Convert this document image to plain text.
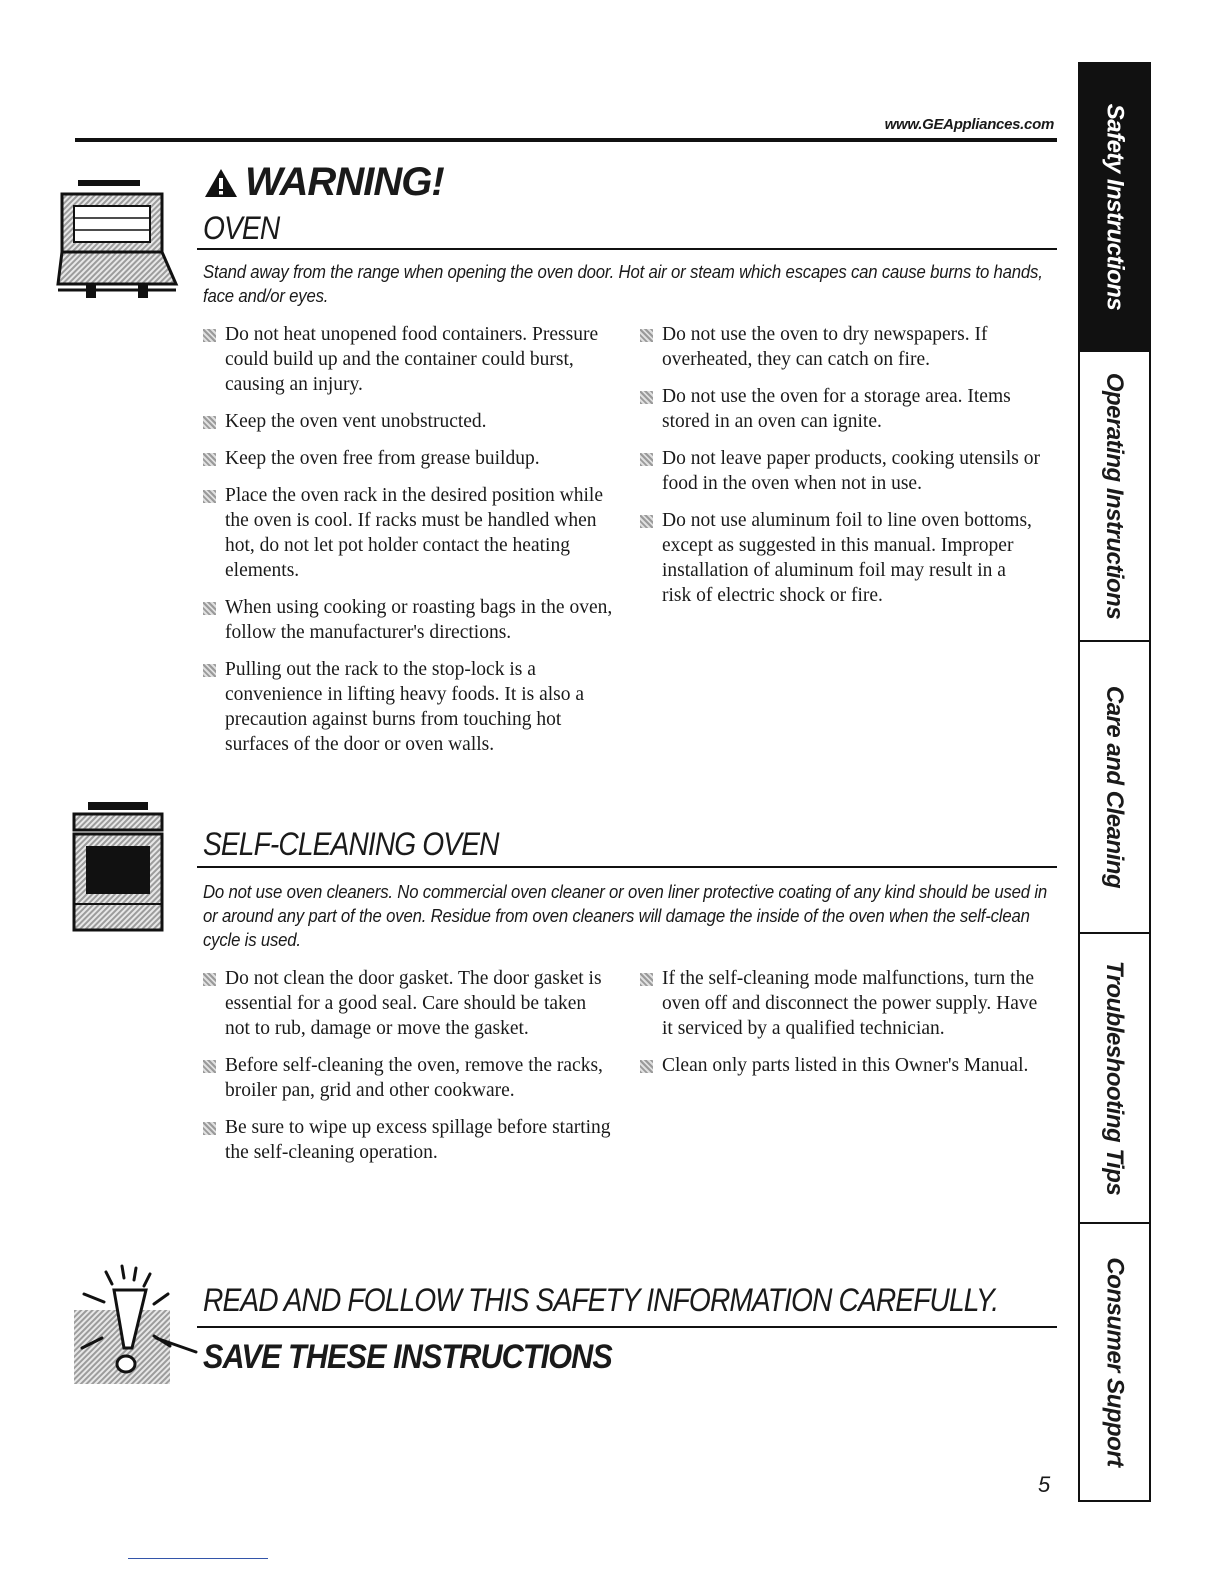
www.GEAppliances.com
WARNING!
OVEN
Stand away from the range when opening the oven door. Hot air or steam which escapes can cause burns to hands, face and/or eyes.
Do not heat unopened food containers. Pressure could build up and the container could burst, causing an injury.
Keep the oven vent unobstructed.
Keep the oven free from grease buildup.
Place the oven rack in the desired position while the oven is cool. If racks must be handled when hot, do not let pot holder contact the heating elements.
When using cooking or roasting bags in the oven, follow the manufacturer's directions.
Pulling out the rack to the stop-lock is a convenience in lifting heavy foods. It is also a precaution against burns from touching hot surfaces of the door or oven walls.
Do not use the oven to dry newspapers. If overheated, they can catch on fire.
Do not use the oven for a storage area. Items stored in an oven can ignite.
Do not leave paper products, cooking utensils or food in the oven when not in use.
Do not use aluminum foil to line oven bottoms, except as suggested in this manual. Improper installation of aluminum foil may result in a risk of electric shock or fire.
SELF-CLEANING OVEN
Do not use oven cleaners. No commercial oven cleaner or oven liner protective coating of any kind should be used in or around any part of the oven. Residue from oven cleaners will damage the inside of the oven when the self-clean cycle is used.
Do not clean the door gasket. The door gasket is essential for a good seal. Care should be taken not to rub, damage or move the gasket.
Before self-cleaning the oven, remove the racks, broiler pan, grid and other cookware.
Be sure to wipe up excess spillage before starting the self-cleaning operation.
If the self-cleaning mode malfunctions, turn the oven off and disconnect the power supply. Have it serviced by a qualified technician.
Clean only parts listed in this Owner's Manual.
READ AND FOLLOW THIS SAFETY INFORMATION CAREFULLY.
SAVE THESE INSTRUCTIONS
Safety Instructions
Operating Instructions
Care and Cleaning
Troubleshooting Tips
Consumer Support
5
